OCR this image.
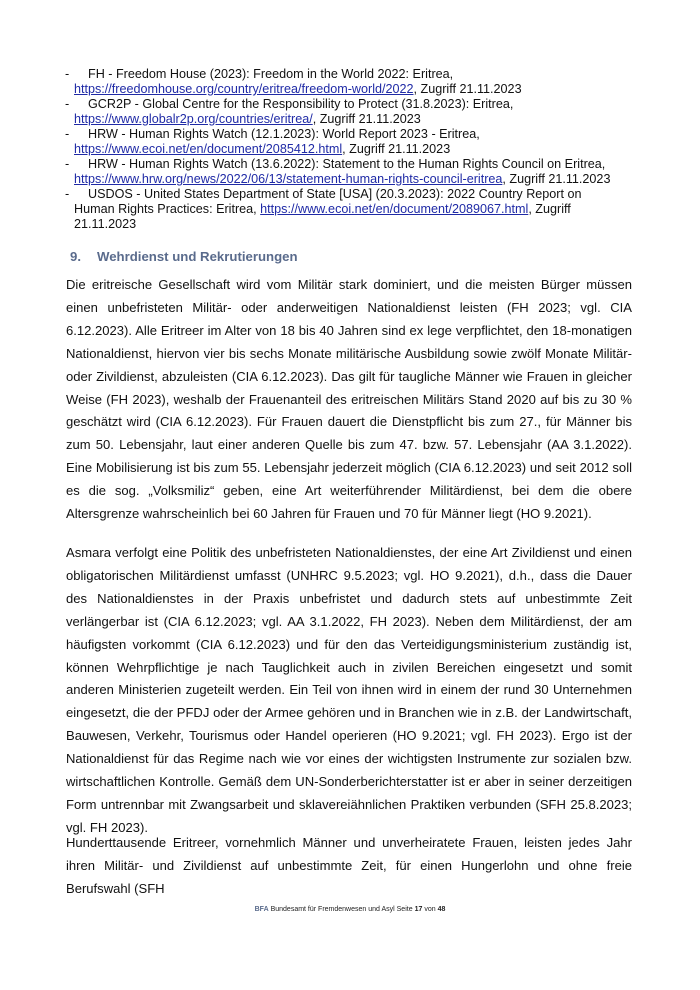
-	FH - Freedom House (2023): Freedom in the World 2022: Eritrea,
https://freedomhouse.org/country/eritrea/freedom-world/2022, Zugriff 21.11.2023
-	GCR2P - Global Centre for the Responsibility to Protect (31.8.2023): Eritrea,
https://www.globalr2p.org/countries/eritrea/, Zugriff 21.11.2023
-	HRW - Human Rights Watch (12.1.2023): World Report 2023 - Eritrea,
https://www.ecoi.net/en/document/2085412.html, Zugriff 21.11.2023
-	HRW - Human Rights Watch (13.6.2022): Statement to the Human Rights Council on Eritrea,
https://www.hrw.org/news/2022/06/13/statement-human-rights-council-eritrea, Zugriff 21.11.2023
-	USDOS - United States Department of State [USA] (20.3.2023): 2022 Country Report on
Human Rights Practices: Eritrea, https://www.ecoi.net/en/document/2089067.html, Zugriff
21.11.2023
9. Wehrdienst und Rekrutierungen

Die eritreische Gesellschaft wird vom Militär stark dominiert, und die meisten Bürger müssen einen unbefristeten Militär- oder anderweitigen Nationaldienst leisten (FH 2023; vgl. CIA 6.12.2023). Alle Eritreer im Alter von 18 bis 40 Jahren sind ex lege verpflichtet, den 18-monatigen Nationaldienst, hiervon vier bis sechs Monate militärische Ausbildung sowie zwölf Monate Militär- oder Zivildienst, abzuleisten (CIA 6.12.2023). Das gilt für taugliche Männer wie Frauen in gleicher Weise (FH 2023), weshalb der Frauenanteil des eritreischen Militärs Stand 2020 auf bis zu 30 % geschätzt wird (CIA 6.12.2023). Für Frauen dauert die Dienstpflicht bis zum 27., für Männer bis zum 50. Lebensjahr, laut einer anderen Quelle bis zum 47. bzw. 57. Lebensjahr (AA 3.1.2022). Eine Mobilisierung ist bis zum 55. Lebensjahr jederzeit möglich (CIA 6.12.2023) und seit 2012 soll es die sog. „Volksmiliz“ geben, eine Art weiterführender Militärdienst, bei dem die obere Altersgrenze wahrscheinlich bei 60 Jahren für Frauen und 70 für Männer liegt (HO 9.2021).

Asmara verfolgt eine Politik des unbefristeten Nationaldienstes, der eine Art Zivildienst und einen obligatorischen Militärdienst umfasst (UNHRC 9.5.2023; vgl. HO 9.2021), d.h., dass die Dauer des Nationaldienstes in der Praxis unbefristet und dadurch stets auf unbestimmte Zeit verlängerbar ist (CIA 6.12.2023; vgl. AA 3.1.2022, FH 2023). Neben dem Militärdienst, der am häufigsten vorkommt (CIA 6.12.2023) und für den das Verteidigungsministerium zuständig ist, können Wehrpflichtige je nach Tauglichkeit auch in zivilen Bereichen eingesetzt und somit anderen Ministerien zugeteilt werden. Ein Teil von ihnen wird in einem der rund 30 Unternehmen eingesetzt, die der PFDJ oder der Armee gehören und in Branchen wie in z.B. der Landwirtschaft, Bauwesen, Verkehr, Tourismus oder Handel operieren (HO 9.2021; vgl. FH 2023). Ergo ist der Nationaldienst für das Regime nach wie vor eines der wichtigsten Instrumente zur sozialen bzw. wirtschaftlichen Kontrolle. Gemäß dem UN-Sonderberichterstatter ist er aber in seiner derzeitigen Form untrennbar mit Zwangsarbeit und sklavereiähnlichen Praktiken verbunden (SFH 25.8.2023; vgl. FH 2023).

Hunderttausende Eritreer, vornehmlich Männer und unverheiratete Frauen, leisten jedes Jahr ihren Militär- und Zivildienst auf unbestimmte Zeit, für einen Hungerlohn und ohne freie Berufswahl (SFH

BFA Bundesamt für Fremdenwesen und Asyl Seite 17 von 48
